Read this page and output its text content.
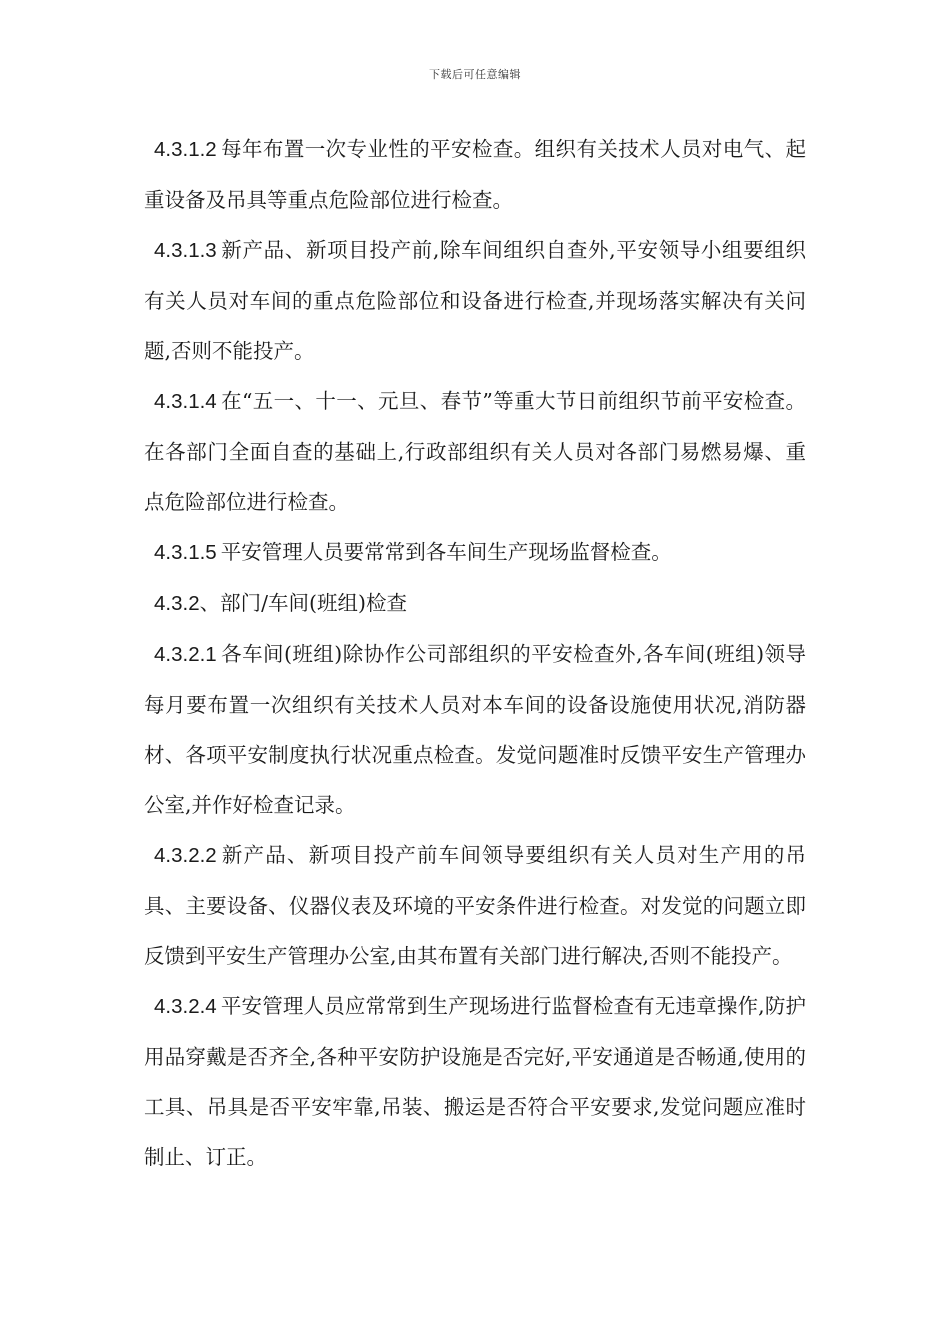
下载后可任意编辑

4.3.1.2 每年布置一次专业性的平安检查。组织有关技术人员对电气、起重设备及吊具等重点危险部位进行检查。

4.3.1.3 新产品、新项目投产前,除车间组织自查外,平安领导小组要组织有关人员对车间的重点危险部位和设备进行检查,并现场落实解决有关问题,否则不能投产。

4.3.1.4 在“五一、十一、元旦、春节”等重大节日前组织节前平安检查。在各部门全面自查的基础上,行政部组织有关人员对各部门易燃易爆、重点危险部位进行检查。

4.3.1.5 平安管理人员要常常到各车间生产现场监督检查。

4.3.2、部门/车间(班组)检查

4.3.2.1 各车间(班组)除协作公司部组织的平安检查外,各车间(班组)领导每月要布置一次组织有关技术人员对本车间的设备设施使用状况,消防器材、各项平安制度执行状况重点检查。发觉问题准时反馈平安生产管理办公室,并作好检查记录。

4.3.2.2 新产品、新项目投产前车间领导要组织有关人员对生产用的吊具、主要设备、仪器仪表及环境的平安条件进行检查。对发觉的问题立即反馈到平安生产管理办公室,由其布置有关部门进行解决,否则不能投产。

4.3.2.4 平安管理人员应常常到生产现场进行监督检查有无违章操作,防护用品穿戴是否齐全,各种平安防护设施是否完好,平安通道是否畅通,使用的工具、吊具是否平安牢靠,吊装、搬运是否符合平安要求,发觉问题应准时制止、订正。
